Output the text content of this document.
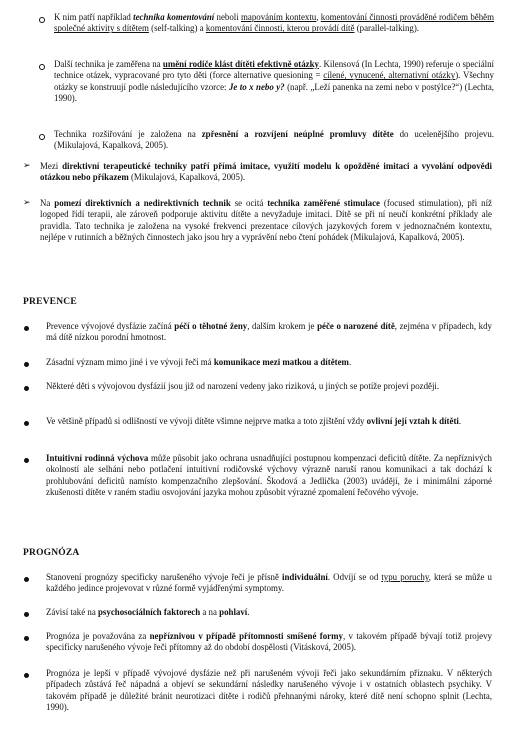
K nim patří například technika komentování neboli mapováním kontextu, komentování činnosti prováděné rodičem běhěm společné aktivity s dítětem (self-talking) a komentování činnosti, kterou provádí dítě (parallel-talking).

Další technika je zaměřena na umění rodiče klást dítěti efektivně otázky. Kilensová (In Lechta, 1990) referuje o speciální technice otázek, vypracované pro tyto děti (force alternative quesioning = cílené, vynucené, alternativní otázky). Všechny otázky se konstruují podle následujícího vzorce: Je to x nebo y? (např. „Leží panenka na zemi nebo v postýlce?“) (Lechta, 1990).

Technika rozšiřování je založena na zpřesnění a rozvíjení neúplné promluvy dítěte do ucelenějšího projevu. (Mikulajová, Kapalková, 2005).

➢ Mezi direktivní terapeutické techniky patří přímá imitace, využití modelu k opožděné imitaci a vyvolání odpovědi otázkou nebo příkazem (Mikulajová, Kapalková, 2005).

➢ Na pomezí direktivních a nedirektivních technik se ocitá technika zaměřené stimulace (focused stimulation), při níž logoped řídí terapii, ale zároveň podporuje aktivitu dítěte a nevyžaduje imitaci. Dítě se při ní neučí konkrétní příklady ale pravidla. Tato technika je založena na vysoké frekvenci prezentace cílových jazykových forem v jednoznačném kontextu, nejlépe v rutinních a běžných činnostech jako jsou hry a vyprávění nebo čtení pohádek (Mikulajová, Kapalková, 2005).

PREVENCE

Prevence vývojové dysfázie začíná péčí o těhotné ženy, dalším krokem je péče o narozené dítě, zejména v případech, kdy má dítě nízkou porodní hmotnost.

Zásadní význam mimo jiné i ve vývoji řeči má komunikace mezi matkou a dítětem.

Některé děti s vývojovou dysfázií jsou již od narození vedeny jako riziková, u jiných se potíže projeví později.

Ve většině případů si odlišností ve vývoji dítěte všimne nejprve matka a toto zjištění vždy ovlivní její vztah k dítěti.

Intuitivní rodinná výchova může působit jako ochrana usnadňující postupnou kompenzaci deficitů dítěte. Za nepříznivých okolností ale selhání nebo potlačení intuitivní rodičovské výchovy výrazně naruší ranou komunikaci a tak dochází k prohlubování deficitů namísto kompenzačního zlepšování. Škodová a Jedlička (2003) uvádějí, že i minimální záporné zkušenosti dítěte v raném stadiu osvojování jazyka mohou způsobit výrazné zpomalení řečového vývoje.

PROGNÓZA

Stanovení prognózy specificky narušeného vývoje řeči je přísně individuální. Odvíjí se od typu poruchy, která se může u každého jedince projevovat v různé formě vyjádřenými symptomy.

Závisí také na psychosociálních faktorech a na pohlaví.

Prognóza je považována za nepříznivou v případě přítomnosti smíšené formy, v takovém případě bývají totiž projevy specificky narušeného vývoje řeči přítomny až do období dospělosti (Vitásková, 2005).

Prognóza je lepší v případě vývojové dysfázie než při narušeném vývoji řeči jako sekundárním příznaku. V některých případech zůstává řeč nápadná a objeví se sekundární následky narušeného vývoje i v ostatních oblastech psychiky. V takovém případě je důležité bránit neurotizaci dítěte i rodičů přehnanými nároky, které dítě není schopno splnit (Lechta, 1990).
